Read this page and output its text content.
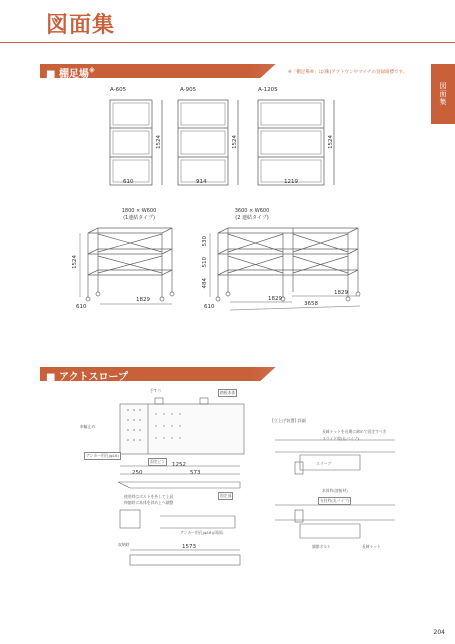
図面集
図面集
■ 棚足場※	※「棚足場®」は(株)アクトウンやマイナの登録商標です。
A-605	A-905	A-1205
1524	1524	1524
610	914	1219
1800 × W600
(1連結タイプ)
3600 × W600
(2 連結タイプ)
1524
1829
610
530
510
484
1829
1829
3658
610
■ アクトスロープ
手すり	踏板本体
車輪止め
アンカー用孔(φ16)
固定ピン
1252
250	573
使用時はボルトを外して上昇
伸縮時に本体を斜め上へ調整
固定部
アンカー用孔(φ16)(両面)
収納時	1573
[立上げ装置] 詳細
長締ナットを長期に締めて固定すべき
スライド枠(丸パイプ)
スリーブ
本体枠(溶接材)
支柱枠(丸パイプ)
調節ボルト	長締ナット
204
